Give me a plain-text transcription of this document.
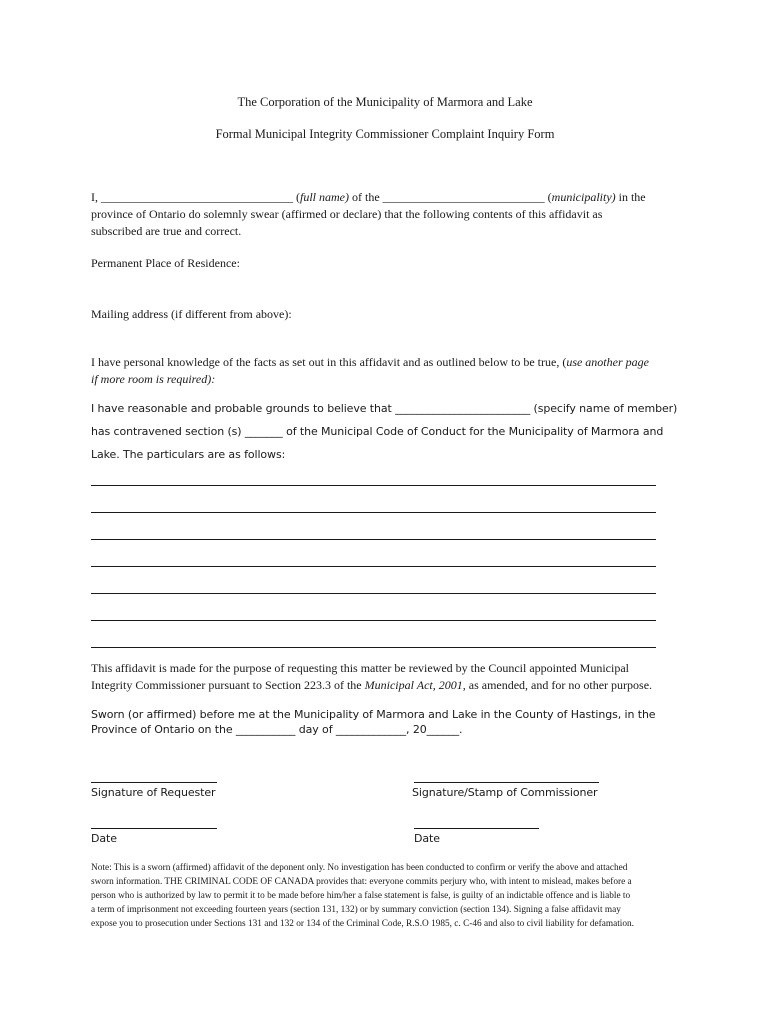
The Corporation of the Municipality of Marmora and Lake
Formal Municipal Integrity Commissioner Complaint Inquiry Form
I, ________________________________ (full name) of the ___________________________ (municipality) in the
province of Ontario do solemnly swear (affirmed or declare) that the following contents of this affidavit as
subscribed are true and correct.
Permanent Place of Residence:
Mailing address (if different from above):
I have personal knowledge of the facts as set out in this affidavit and as outlined below to be true, (use another page
if more room is required):
I have reasonable and probable grounds to believe that _________________________ (specify name of member)
has contravened section (s) _______ of the Municipal Code of Conduct for the Municipality of Marmora and
Lake. The particulars are as follows:
This affidavit is made for the purpose of requesting this matter be reviewed by the Council appointed Municipal
Integrity Commissioner pursuant to Section 223.3 of the Municipal Act, 2001, as amended, and for no other purpose.
Sworn (or affirmed) before me at the Municipality of Marmora and Lake in the County of Hastings, in the
Province of Ontario on the ___________ day of _____________, 20______.
Signature of Requester	Signature/Stamp of Commissioner
Date	Date
Note: This is a sworn (affirmed) affidavit of the deponent only. No investigation has been conducted to confirm or verify the above and attached
sworn information. THE CRIMINAL CODE OF CANADA provides that: everyone commits perjury who, with intent to mislead, makes before a
person who is authorized by law to permit it to be made before him/her a false statement is false, is guilty of an indictable offence and is liable to
a term of imprisonment not exceeding fourteen years (section 131, 132) or by summary conviction (section 134). Signing a false affidavit may
expose you to prosecution under Sections 131 and 132 or 134 of the Criminal Code, R.S.O 1985, c. C-46 and also to civil liability for defamation.
